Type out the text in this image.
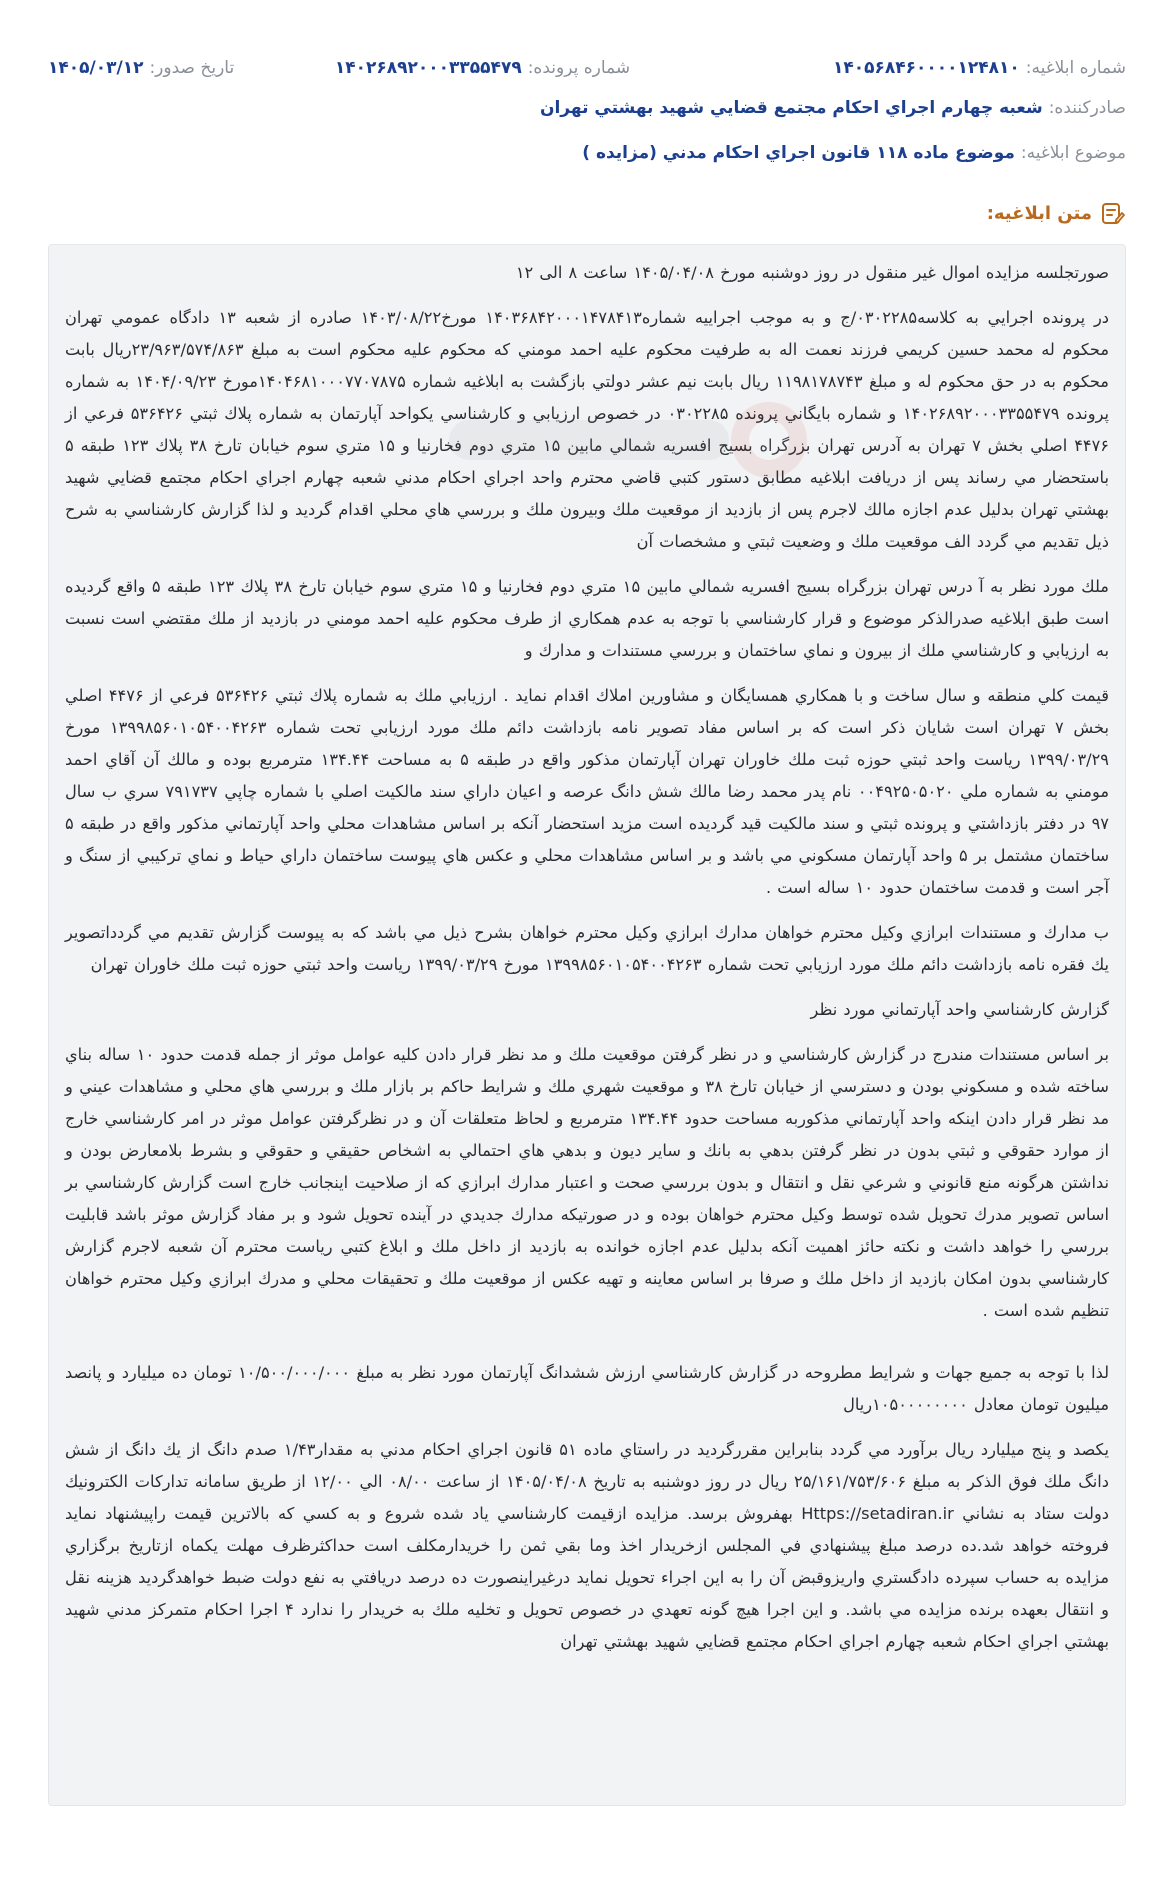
شماره ابلاغيه:
۱۴۰۵۶۸۴۶۰۰۰۰۱۲۴۸۱۰
شماره پرونده:
۱۴۰۲۶۸۹۲۰۰۰۳۳۵۵۴۷۹
تاريخ صدور:
۱۴۰۵/۰۳/۱۲
صادرکننده:
شعبه چهارم اجراي احكام مجتمع قضايي شهيد بهشتي تهران
موضوع ابلاغيه:
موضوع ماده ۱۱۸ قانون اجراي احكام مدني (مزايده )
متن ابلاغيه:

صورتجلسه مزايده اموال غير منقول در روز دوشنبه مورخ ۱۴۰۵/۰۴/۰۸ ساعت ۸ الی ۱۲

در پرونده اجرايي به كلاسه۰۳۰۲۲۸۵/ج و به موجب اجراييه شماره۱۴۰۳۶۸۴۲۰۰۰۱۴۷۸۴۱۳ مورخ۱۴۰۳/۰۸/۲۲ صادره از شعبه ۱۳ دادگاه عمومي تهران محكوم له محمد حسين كريمي فرزند نعمت اله به طرفيت محكوم عليه احمد مومني كه محكوم عليه محكوم است به مبلغ ۲۳/۹۶۳/۵۷۴/۸۶۳ريال بابت محكوم به در حق محكوم له و مبلغ ۱۱۹۸۱۷۸۷۴۳ ريال بابت نيم عشر دولتي بازگشت به ابلاغيه شماره ۱۴۰۴۶۸۱۰۰۰۷۷۰۷۸۷۵مورخ ۱۴۰۴/۰۹/۲۳ به شماره پرونده ۱۴۰۲۶۸۹۲۰۰۰۳۳۵۵۴۷۹ و شماره بايگاني پرونده ۰۳۰۲۲۸۵ در خصوص ارزيابي و كارشناسي يكواحد آپارتمان به شماره پلاك ثبتي ۵۳۶۴۲۶ فرعي از ۴۴۷۶ اصلي بخش ۷ تهران به آدرس تهران بزرگراه بسيج افسريه شمالي مابين ۱۵ متري دوم فخارنيا و ۱۵ متري سوم خيابان تارخ ۳۸ پلاك ۱۲۳ طبقه ۵ باستحضار مي رساند پس از دريافت ابلاغيه مطابق دستور كتبي قاضي محترم واحد اجراي احكام مدني شعبه چهارم اجراي احكام مجتمع قضايي شهيد بهشتي تهران بدليل عدم اجازه مالك لاجرم پس از بازديد از موقعيت ملك وبيرون ملك و بررسي هاي محلي اقدام گرديد و لذا گزارش كارشناسي به شرح ذيل تقديم مي گردد الف موقعيت ملك و وضعيت ثبتي و مشخصات آن

ملك مورد نظر به آ درس تهران بزرگراه بسيج افسريه شمالي مابين ۱۵ متري دوم فخارنيا و ۱۵ متري سوم خيابان تارخ ۳۸ پلاك ۱۲۳ طبقه ۵ واقع گرديده است طبق ابلاغيه صدرالذكر موضوع و قرار كارشناسي با توجه به عدم همكاري از طرف محكوم عليه احمد مومني در بازديد از ملك مقتضي است نسبت به ارزيابي و كارشناسي ملك از بيرون و نماي ساختمان و بررسي مستندات و مدارك و

قيمت كلي منطقه و سال ساخت و با همكاري همسايگان و مشاورين املاك اقدام نمايد . ارزيابي ملك به شماره پلاك ثبتي ۵۳۶۴۲۶ فرعي از ۴۴۷۶ اصلي بخش ۷ تهران است شايان ذكر است كه بر اساس مفاد تصوير نامه بازداشت دائم ملك مورد ارزيابي تحت شماره ۱۳۹۹۸۵۶۰۱۰۵۴۰۰۴۲۶۳ مورخ ۱۳۹۹/۰۳/۲۹ رياست واحد ثبتي حوزه ثبت ملك خاوران تهران آپارتمان مذكور واقع در طبقه ۵ به مساحت ۱۳۴.۴۴ مترمربع بوده و مالك آن آقاي احمد مومني به شماره ملي ۰۰۴۹۲۵۰۵۰۲۰ نام پدر محمد رضا مالك شش دانگ عرصه و اعيان داراي سند مالكيت اصلي با شماره چاپي ۷۹۱۷۳۷ سري ب سال ۹۷ در دفتر بازداشتي و پرونده ثبتي و سند مالكيت قيد گرديده است مزيد استحضار آنكه بر اساس مشاهدات محلي واحد آپارتماني مذكور واقع در طبقه ۵ ساختمان مشتمل بر ۵ واحد آپارتمان مسكوني مي باشد و بر اساس مشاهدات محلي و عكس هاي پيوست ساختمان داراي حياط و نماي تركيبي از سنگ و آجر است و قدمت ساختمان حدود ۱۰ ساله است .

ب مدارك و مستندات ابرازي وكيل محترم خواهان مدارك ابرازي وكيل محترم خواهان بشرح ذيل مي باشد كه به پيوست گزارش تقديم مي گردداتصوير يك فقره نامه بازداشت دائم ملك مورد ارزيابي تحت شماره ۱۳۹۹۸۵۶۰۱۰۵۴۰۰۴۲۶۳ مورخ ۱۳۹۹/۰۳/۲۹ رياست واحد ثبتي حوزه ثبت ملك خاوران تهران

گزارش كارشناسي واحد آپارتماني مورد نظر

بر اساس مستندات مندرج در گزارش كارشناسي و در نظر گرفتن موقعيت ملك و مد نظر قرار دادن كليه عوامل موثر از جمله قدمت حدود ۱۰ ساله بناي ساخته شده و مسكوني بودن و دسترسي از خيابان تارخ ۳۸ و موقعيت شهري ملك و شرايط حاكم بر بازار ملك و بررسي هاي محلي و مشاهدات عيني و مد نظر قرار دادن اينكه واحد آپارتماني مذكوربه مساحت حدود ۱۳۴.۴۴ مترمربع و لحاظ متعلقات آن و در نظرگرفتن عوامل موثر در امر كارشناسي خارج از موارد حقوقي و ثبتي بدون در نظر گرفتن بدهي به بانك و ساير ديون و بدهي هاي احتمالي به اشخاص حقيقي و حقوقي و بشرط بلامعارض بودن و نداشتن هرگونه منع قانوني و شرعي نقل و انتقال و بدون بررسي صحت و اعتبار مدارك ابرازي كه از صلاحيت اينجانب خارج است گزارش كارشناسي بر اساس تصوير مدرك تحويل شده توسط وكيل محترم خواهان بوده و در صورتيكه مدارك جديدي در آينده تحويل شود و بر مفاد گزارش موثر باشد قابليت بررسي را خواهد داشت و نكته حائز اهميت آنكه بدليل عدم اجازه خوانده به بازديد از داخل ملك و ابلاغ كتبي رياست محترم آن شعبه لاجرم گزارش كارشناسي بدون امكان بازديد از داخل ملك و صرفا بر اساس معاينه و تهيه عكس از موقعيت ملك و تحقيقات محلي و مدرك ابرازي وكيل محترم خواهان تنظيم شده است .

لذا با توجه به جميع جهات و شرايط مطروحه در گزارش كارشناسي ارزش ششدانگ آپارتمان مورد نظر به مبلغ ۱۰/۵۰۰/۰۰۰/۰۰۰ تومان ده ميليارد و پانصد ميليون تومان معادل ۱۰۵۰۰۰۰۰۰۰۰ريال

يكصد و پنج ميليارد ريال برآورد مي گردد بنابراين مقررگرديد در راستاي ماده ۵۱ قانون اجراي احكام مدني به مقدار۱/۴۳ صدم دانگ از يك دانگ از شش دانگ ملك فوق الذكر به مبلغ ۲۵/۱۶۱/۷۵۳/۶۰۶ ريال در روز دوشنبه به تاريخ ۱۴۰۵/۰۴/۰۸ از ساعت ۰۸/۰۰ الي ۱۲/۰۰ از طريق سامانه تداركات الكترونيك دولت ستاد به نشاني Https://setadiran.ir بهفروش برسد. مزايده ازقيمت كارشناسي ياد شده شروع و به كسي كه بالاترين قيمت راپيشنهاد نمايد فروخته خواهد شد.ده درصد مبلغ پيشنهادي في المجلس ازخريدار اخذ وما بقي ثمن را خريدارمكلف است حداكثرظرف مهلت يكماه ازتاريخ برگزاري مزايده به حساب سپرده دادگستري واريزوقبض آن را به اين اجراء تحويل نمايد درغيراينصورت ده درصد دريافتي به نفع دولت ضبط خواهدگرديد هزينه نقل و انتقال بعهده برنده مزايده مي باشد. و اين اجرا هيچ گونه تعهدي در خصوص تحويل و تخليه ملك به خريدار را ندارد ۴ اجرا احكام متمركز مدني شهيد بهشتي اجراي احكام شعبه چهارم اجراي احكام مجتمع قضايي شهيد بهشتي تهران
